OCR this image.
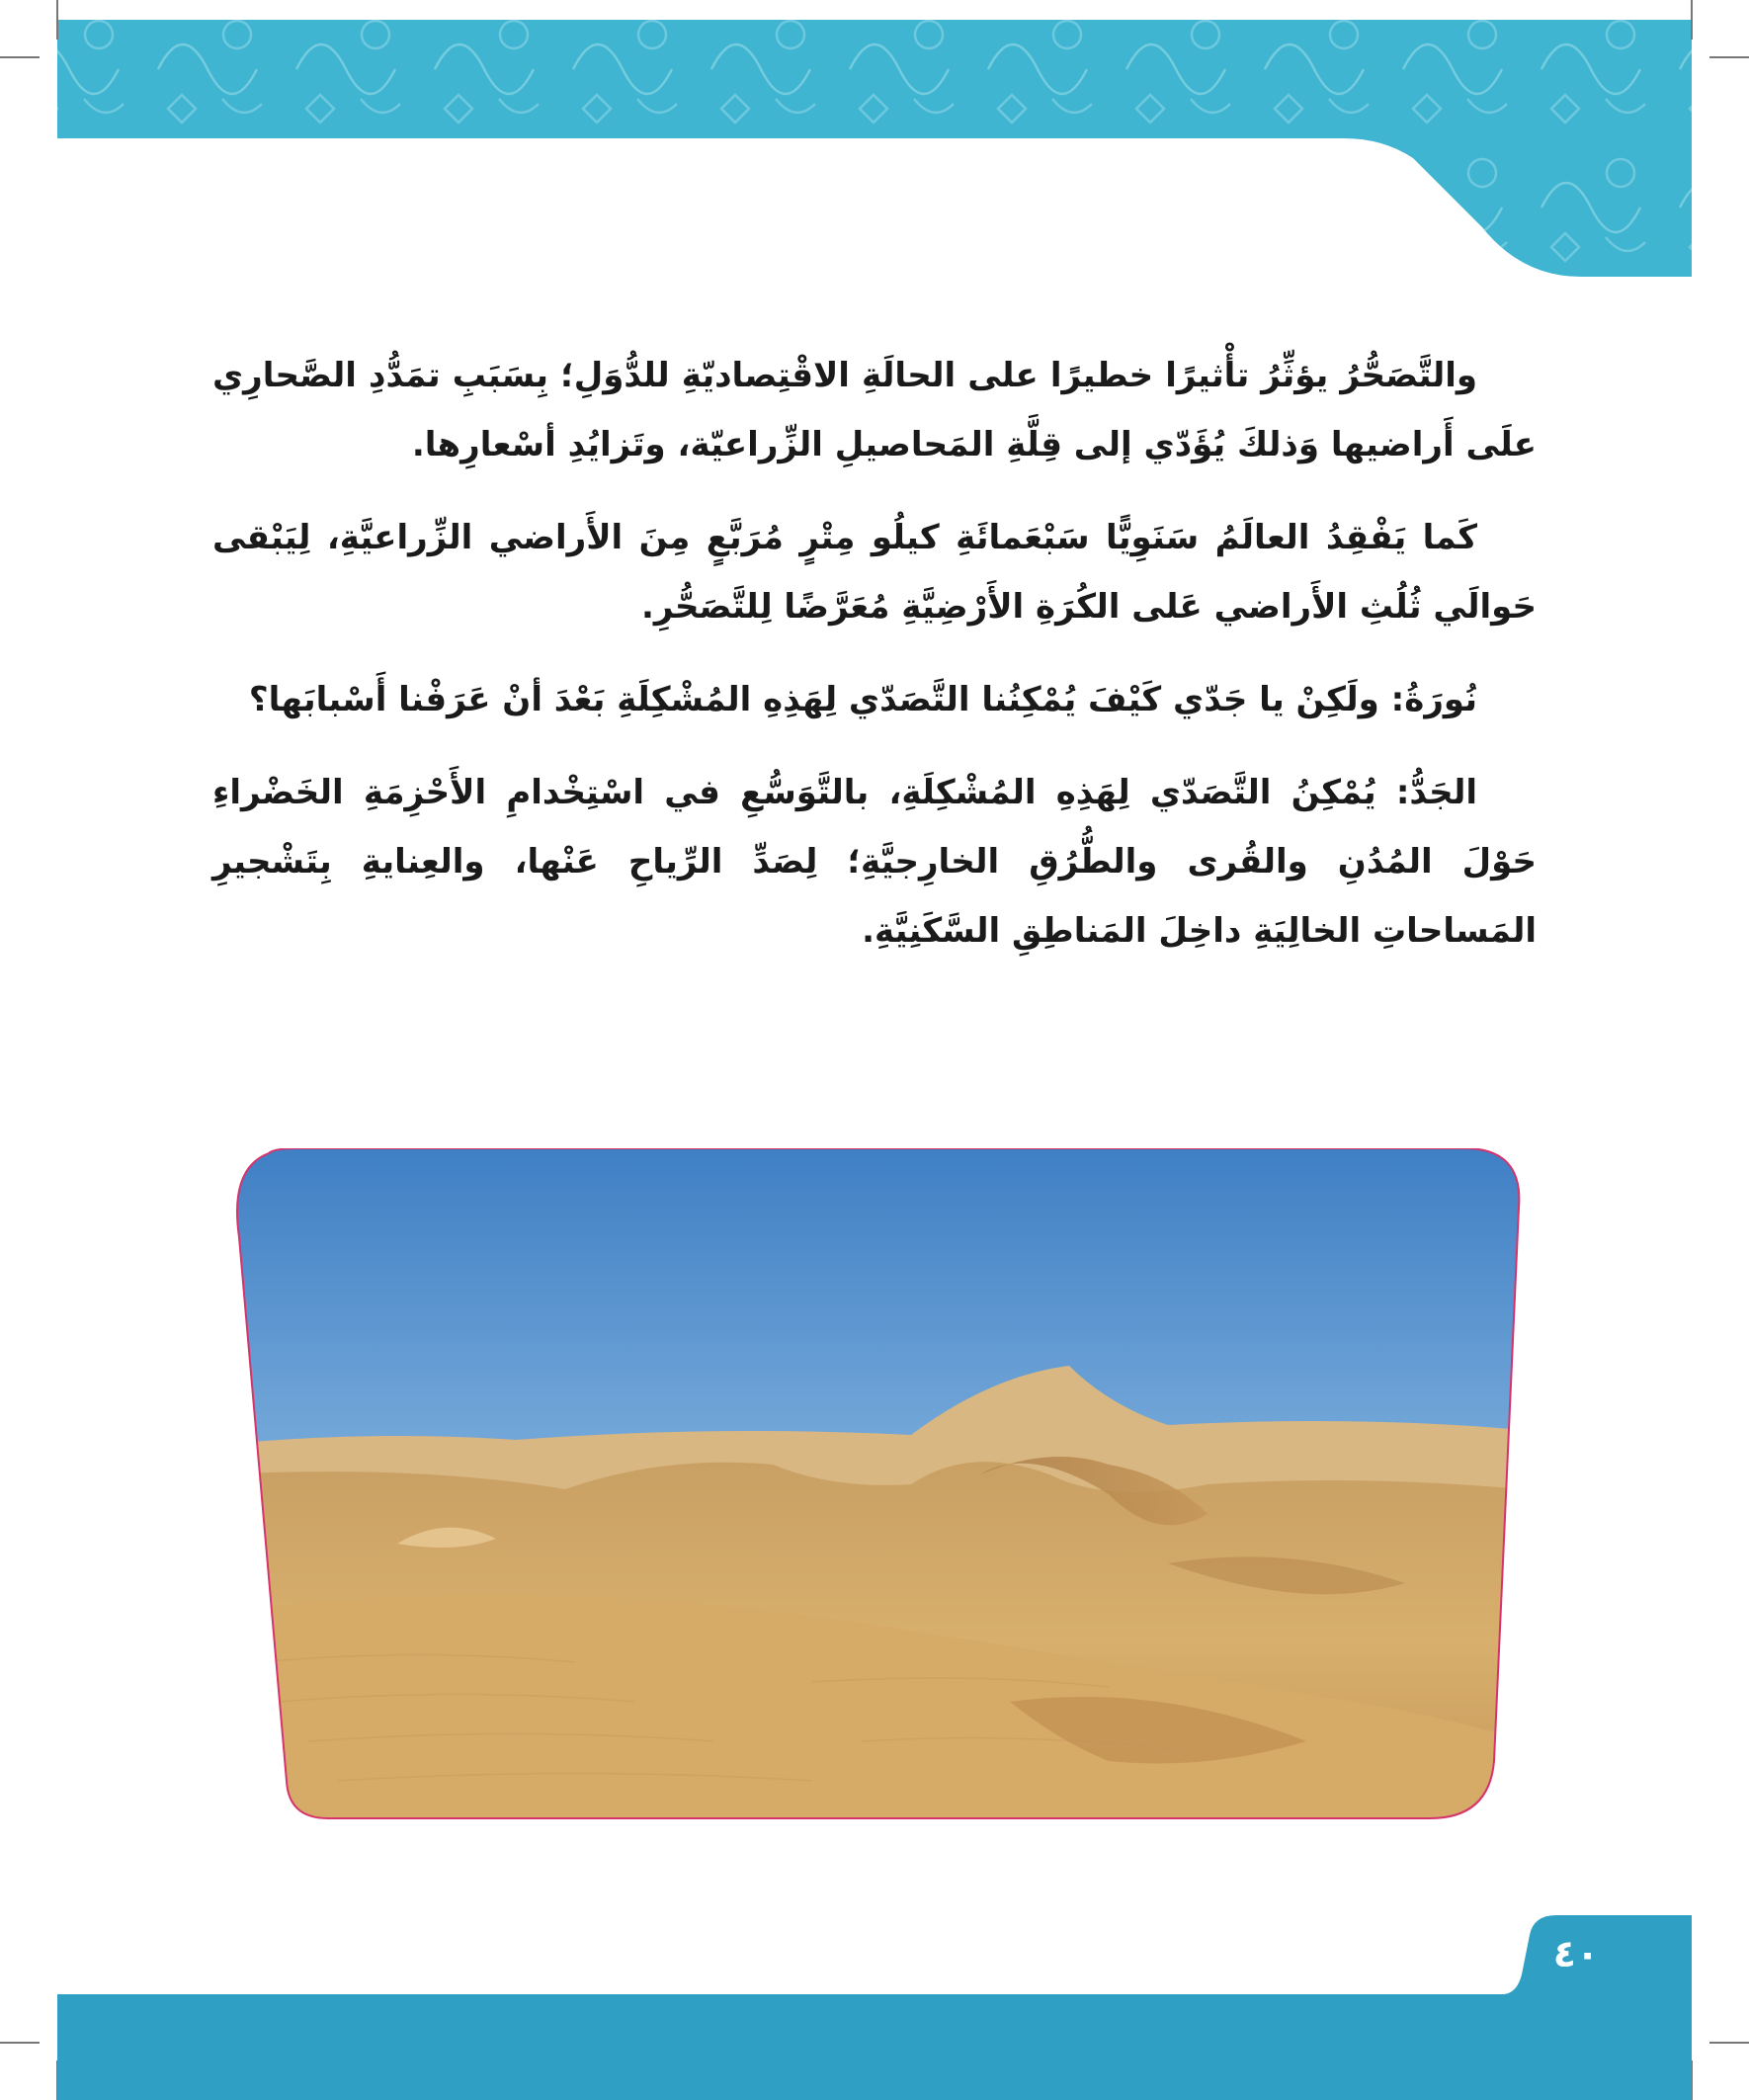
والتَّصَحُّرُ يؤثِّرُ تأْثيرًا خطيرًا على الحالَةِ الاقْتِصاديّةِ للدُّوَلِ؛ بِسَبَبِ تمَدُّدِ الصَّحارِي علَى أَراضيها وَذلكَ يُؤَدّي إلى قِلَّةِ المَحاصيلِ الزِّراعيّة، وتَزايُدِ أسْعارِها.

كَما يَفْقِدُ العالَمُ سَنَوِيًّا سَبْعَمائَةِ كيلُو مِتْرٍ مُرَبَّعٍ مِنَ الأَراضي الزِّراعيَّةِ، لِيَبْقى حَوالَي ثُلُثِ الأَراضي عَلى الكُرَةِ الأَرْضِيَّةِ مُعَرَّضًا لِلتَّصَحُّرِ.

نُورَةُ: ولَكِنْ يا جَدّي كَيْفَ يُمْكِنُنا التَّصَدّي لِهَذِهِ المُشْكِلَةِ بَعْدَ أنْ عَرَفْنا أَسْبابَها؟

الجَدُّ: يُمْكِنُ التَّصَدّي لِهَذِهِ المُشْكِلَةِ، بالتَّوَسُّعِ في اسْتِخْدامِ الأَحْزِمَةِ الخَضْراءِ حَوْلَ المُدُنِ والقُرى والطُّرُقِ الخارِجيَّةِ؛ لِصَدِّ الرِّياحِ عَنْها، والعِنايةِ بِتَشْجيرِ المَساحاتِ الخالِيَةِ داخِلَ المَناطِقِ السَّكَنِيَّةِ.

٤٠
